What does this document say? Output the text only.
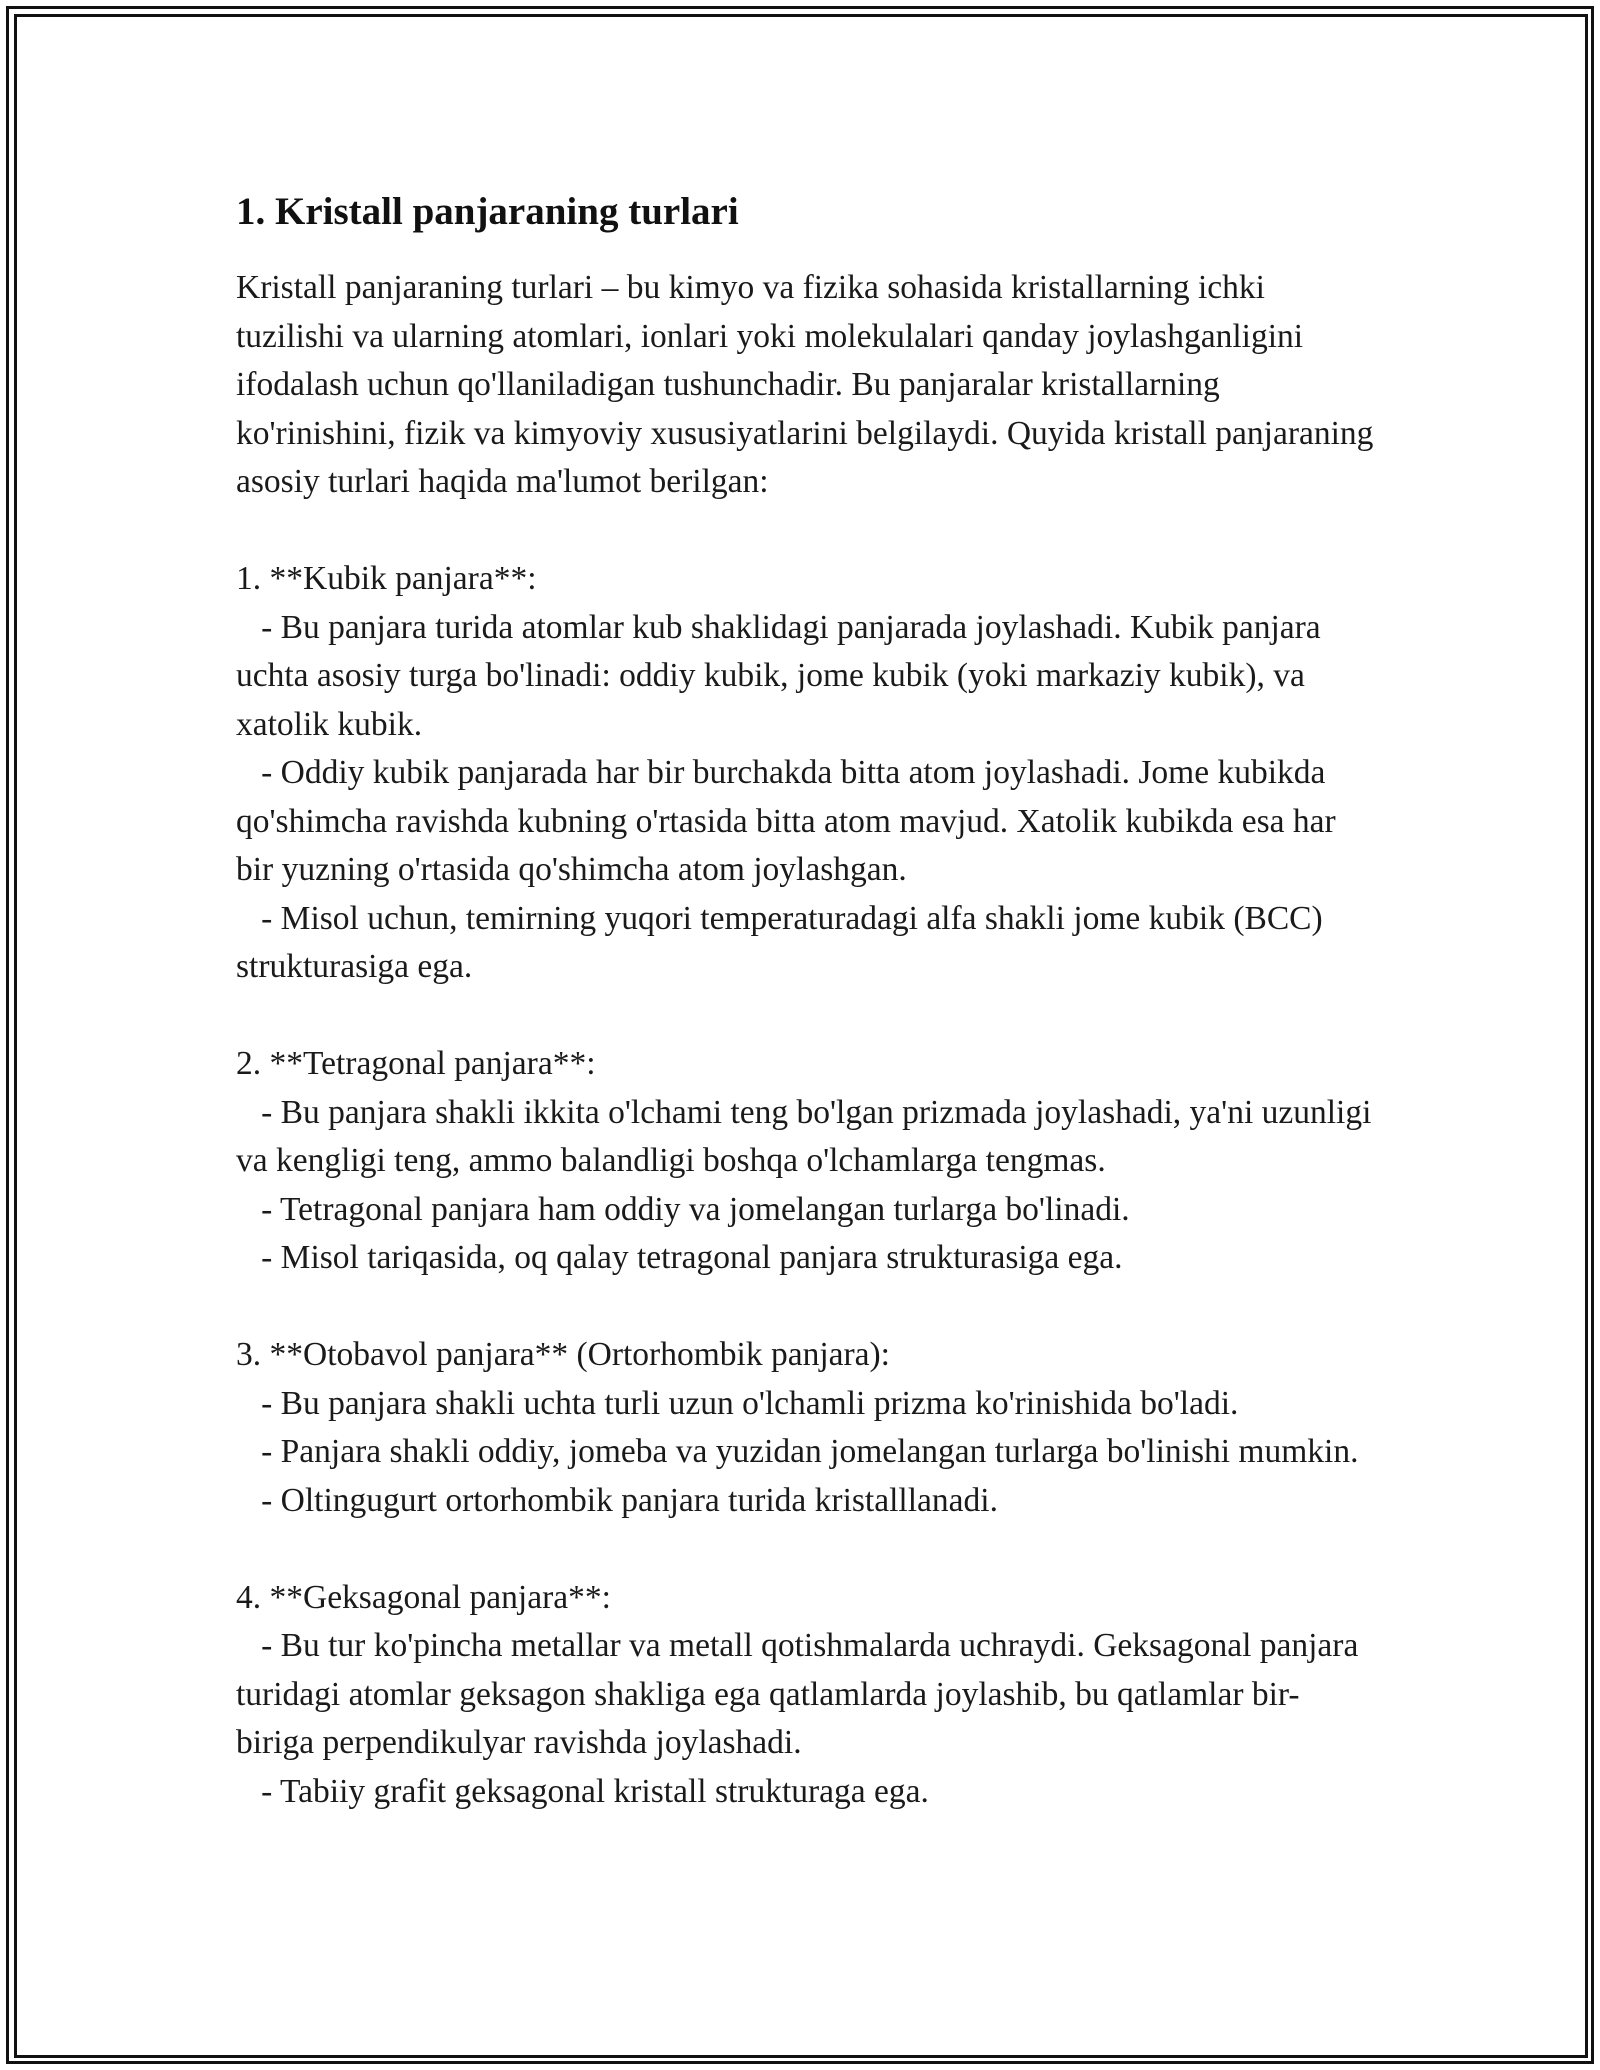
1. Kristall panjaraning turlari

Kristall panjaraning turlari – bu kimyo va fizika sohasida kristallarning ichki tuzilishi va ularning atomlari, ionlari yoki molekulalari qanday joylashganligini ifodalash uchun qo'llaniladigan tushunchadir. Bu panjaralar kristallarning ko'rinishini, fizik va kimyoviy xususiyatlarini belgilaydi. Quyida kristall panjaraning asosiy turlari haqida ma'lumot berilgan:

1. **Kubik panjara**:
- Bu panjara turida atomlar kub shaklidagi panjarada joylashadi. Kubik panjara uchta asosiy turga bo'linadi: oddiy kubik, jome kubik (yoki markaziy kubik), va xatolik kubik.
- Oddiy kubik panjarada har bir burchakda bitta atom joylashadi. Jome kubikda qo'shimcha ravishda kubning o'rtasida bitta atom mavjud. Xatolik kubikda esa har bir yuzning o'rtasida qo'shimcha atom joylashgan.
- Misol uchun, temirning yuqori temperaturadagi alfa shakli jome kubik (BCC) strukturasiga ega.
2. **Tetragonal panjara**:
- Bu panjara shakli ikkita o'lchami teng bo'lgan prizmada joylashadi, ya'ni uzunligi va kengligi teng, ammo balandligi boshqa o'lchamlarga tengmas.
- Tetragonal panjara ham oddiy va jomelangan turlarga bo'linadi.
- Misol tariqasida, oq qalay tetragonal panjara strukturasiga ega.
3. **Otobavol panjara** (Ortorhombik panjara):
- Bu panjara shakli uchta turli uzun o'lchamli prizma ko'rinishida bo'ladi.
- Panjara shakli oddiy, jomeba va yuzidan jomelangan turlarga bo'linishi mumkin.
- Oltingugurt ortorhombik panjara turida kristalllanadi.
4. **Geksagonal panjara**:
- Bu tur ko'pincha metallar va metall qotishmalarda uchraydi. Geksagonal panjara turidagi atomlar geksagon shakliga ega qatlamlarda joylashib, bu qatlamlar bir-biriga perpendikulyar ravishda joylashadi.
- Tabiiy grafit geksagonal kristall strukturaga ega.
